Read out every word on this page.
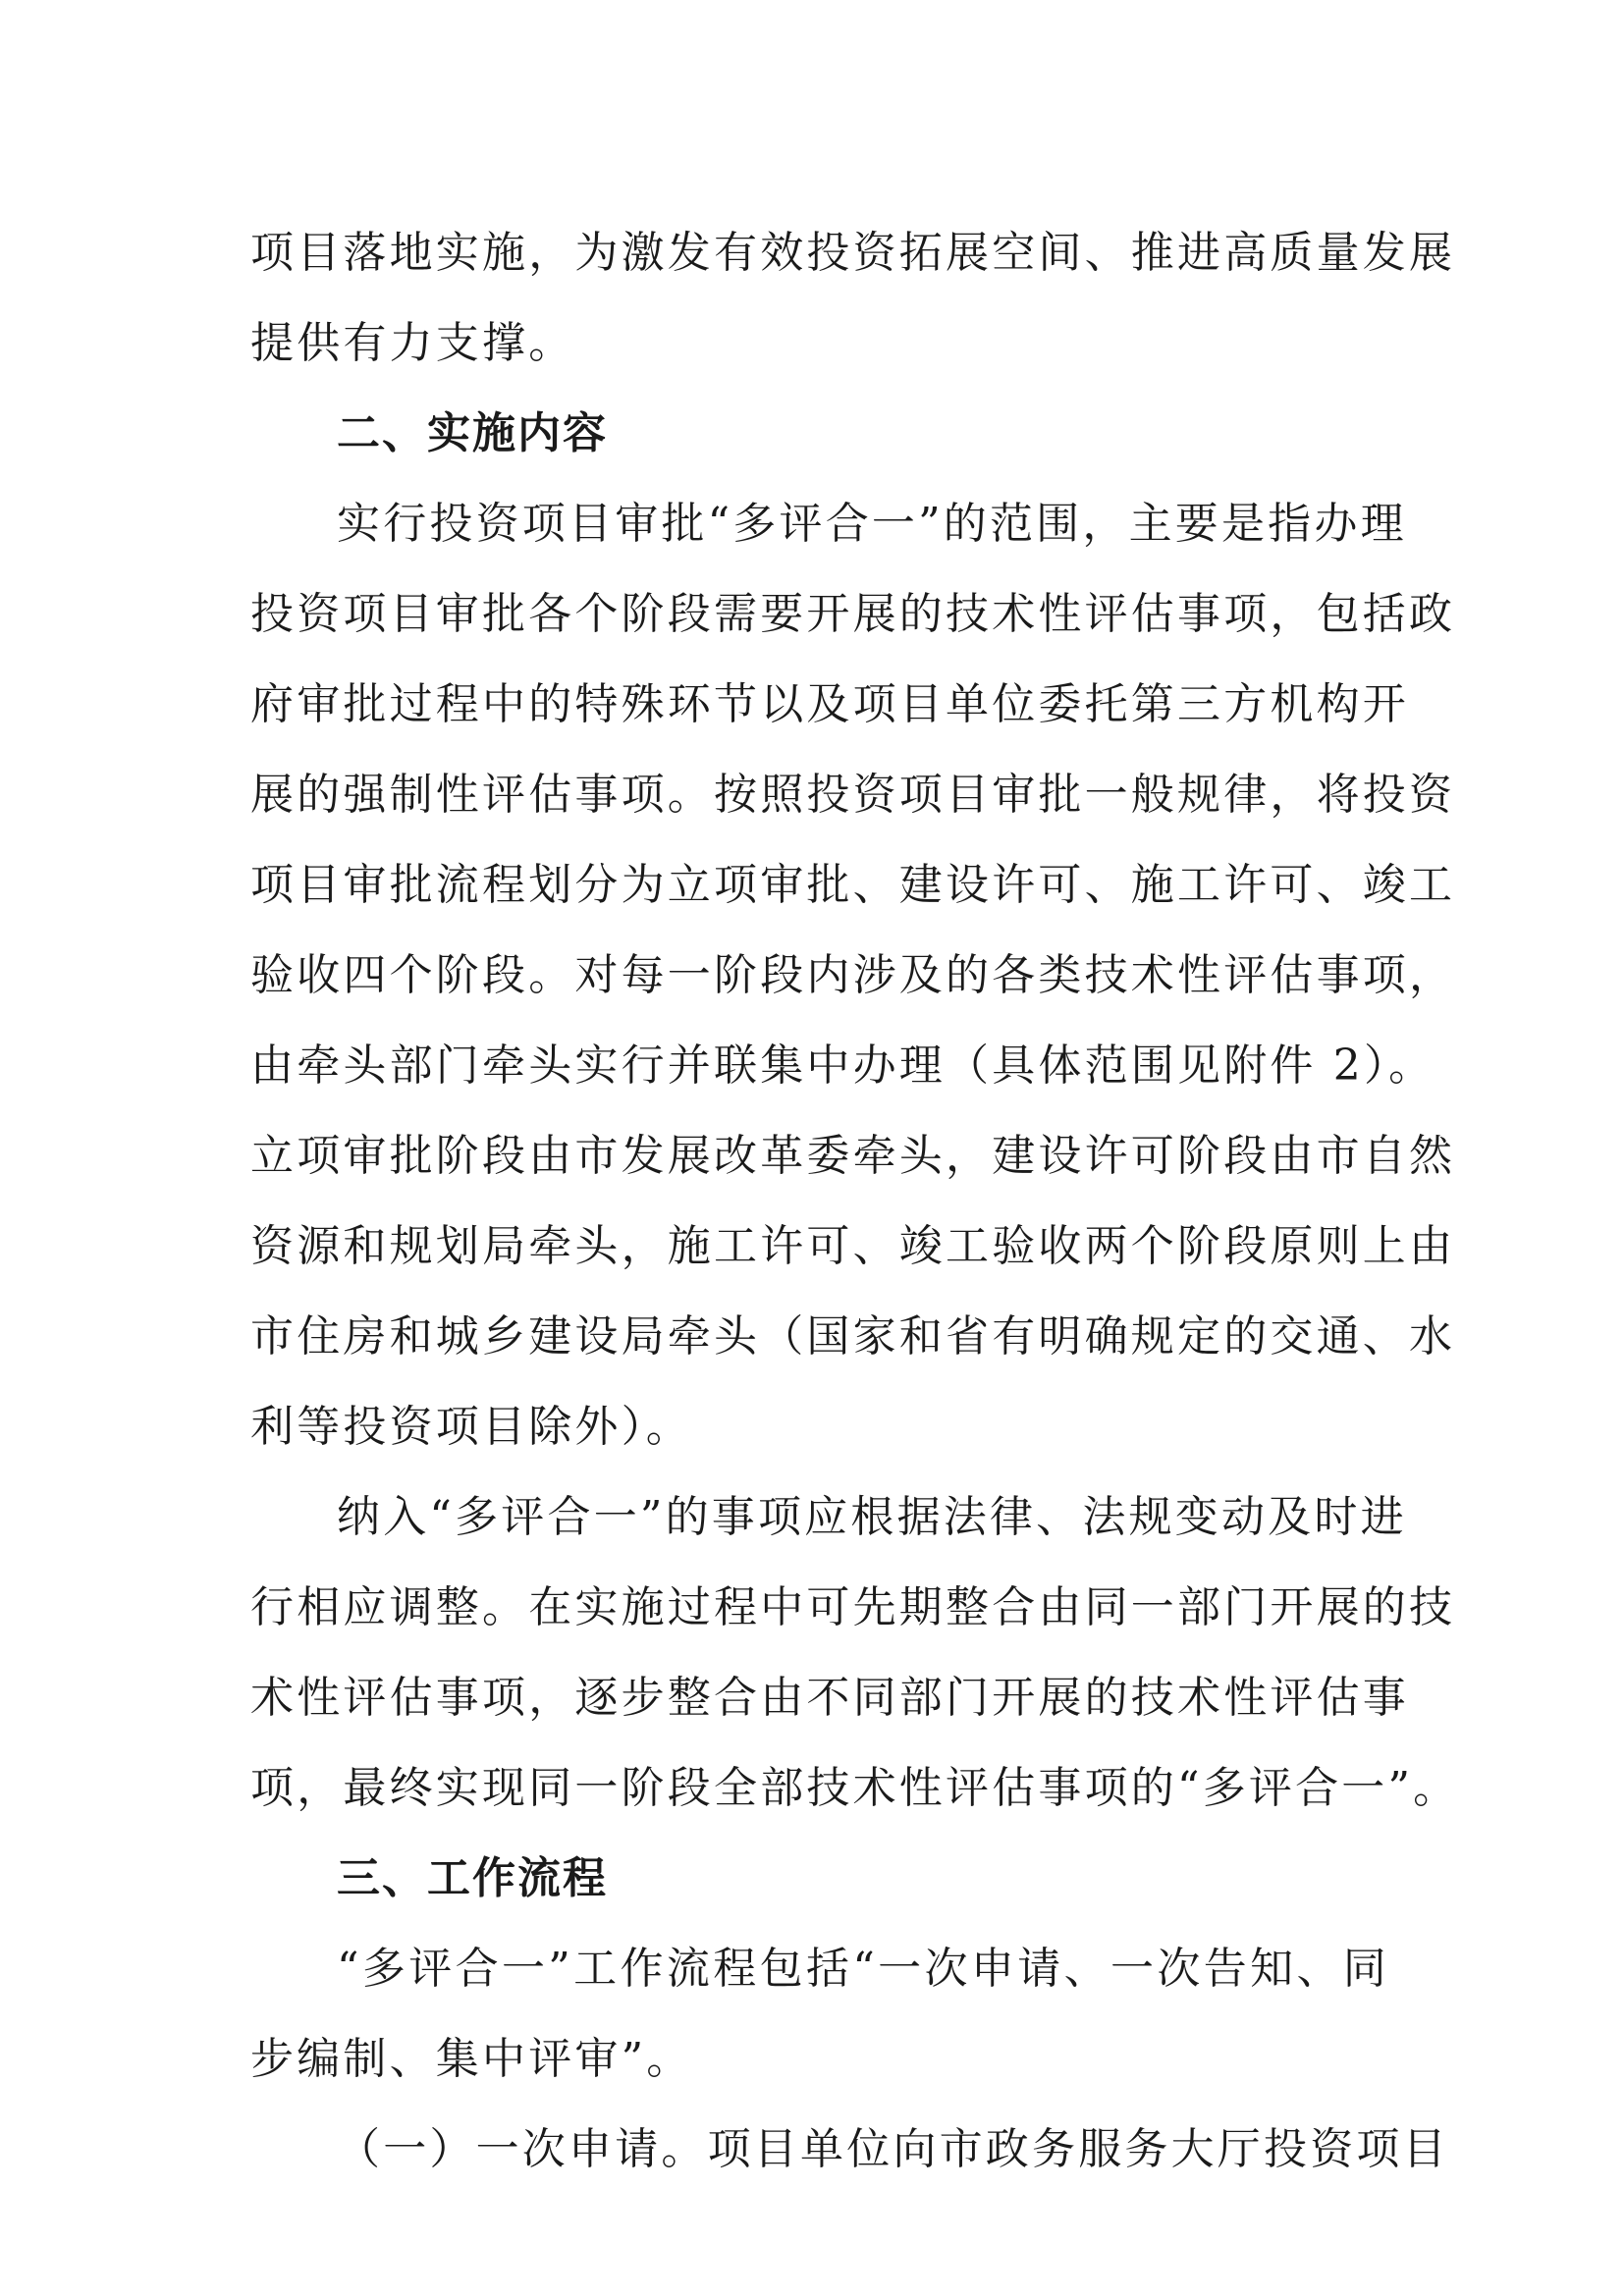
项目落地实施，为激发有效投资拓展空间、推进高质量发展
提供有力支撑。
二、实施内容
实行投资项目审批“多评合一”的范围，主要是指办理
投资项目审批各个阶段需要开展的技术性评估事项，包括政
府审批过程中的特殊环节以及项目单位委托第三方机构开
展的强制性评估事项。按照投资项目审批一般规律，将投资
项目审批流程划分为立项审批、建设许可、施工许可、竣工
验收四个阶段。对每一阶段内涉及的各类技术性评估事项，
由牵头部门牵头实行并联集中办理（具体范围见附件 2）。
立项审批阶段由市发展改革委牵头，建设许可阶段由市自然
资源和规划局牵头，施工许可、竣工验收两个阶段原则上由
市住房和城乡建设局牵头（国家和省有明确规定的交通、水
利等投资项目除外）。
纳入“多评合一”的事项应根据法律、法规变动及时进
行相应调整。在实施过程中可先期整合由同一部门开展的技
术性评估事项，逐步整合由不同部门开展的技术性评估事
项，最终实现同一阶段全部技术性评估事项的“多评合一”。
三、工作流程
“多评合一”工作流程包括“一次申请、一次告知、同
步编制、集中评审”。
（一）一次申请。项目单位向市政务服务大厅投资项目
